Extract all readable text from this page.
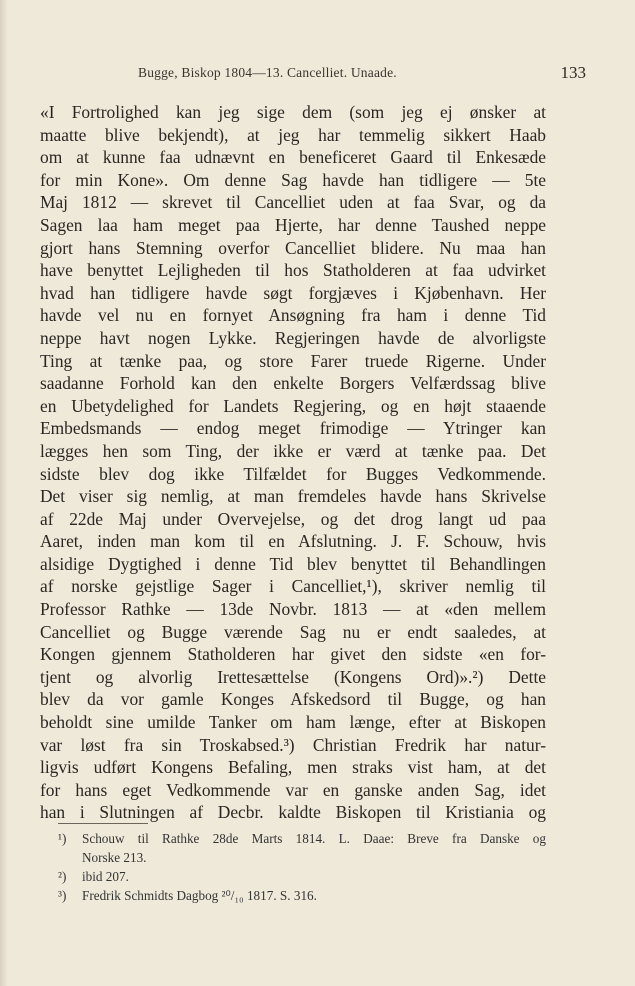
Bugge, Biskop 1804—13. Cancelliet. Unaade.	133
«I Fortrolighed kan jeg sige dem (som jeg ej ønsker at
maatte blive bekjendt), at jeg har temmelig sikkert Haab
om at kunne faa udnævnt en beneficeret Gaard til Enkesæde
for min Kone». Om denne Sag havde han tidligere — 5te
Maj 1812 — skrevet til Cancelliet uden at faa Svar, og da
Sagen laa ham meget paa Hjerte, har denne Taushed neppe
gjort hans Stemning overfor Cancelliet blidere. Nu maa han
have benyttet Lejligheden til hos Statholderen at faa udvirket
hvad han tidligere havde søgt forgjæves i Kjøbenhavn. Her
havde vel nu en fornyet Ansøgning fra ham i denne Tid
neppe havt nogen Lykke. Regjeringen havde de alvorligste
Ting at tænke paa, og store Farer truede Rigerne. Under
saadanne Forhold kan den enkelte Borgers Velfærdssag blive
en Ubetydelighed for Landets Regjering, og en højt staaende
Embedsmands — endog meget frimodige — Ytringer kan
lægges hen som Ting, der ikke er værd at tænke paa. Det
sidste blev dog ikke Tilfældet for Bugges Vedkommende.
Det viser sig nemlig, at man fremdeles havde hans Skrivelse
af 22de Maj under Overvejelse, og det drog langt ud paa
Aaret, inden man kom til en Afslutning. J. F. Schouw, hvis
alsidige Dygtighed i denne Tid blev benyttet til Behandlingen
af norske gejstlige Sager i Cancelliet,¹), skriver nemlig til
Professor Rathke — 13de Novbr. 1813 — at «den mellem
Cancelliet og Bugge værende Sag nu er endt saaledes, at
Kongen gjennem Statholderen har givet den sidste «en for-
tjent og alvorlig Irettesættelse (Kongens Ord)».²) Dette
blev da vor gamle Konges Afskedsord til Bugge, og han
beholdt sine umilde Tanker om ham længe, efter at Biskopen
var løst fra sin Troskabsed.³) Christian Fredrik har natur-
ligvis udført Kongens Befaling, men straks vist ham, at det
for hans eget Vedkommende var en ganske anden Sag, idet
han i Slutningen af Decbr. kaldte Biskopen til Kristiania og
¹)	Schouw til Rathke 28de Marts 1814. L. Daae: Breve fra Danske og
Norske 213.
²)	ibid 207.
³)	Fredrik Schmidts Dagbog ²⁰/₁₀ 1817. S. 316.
